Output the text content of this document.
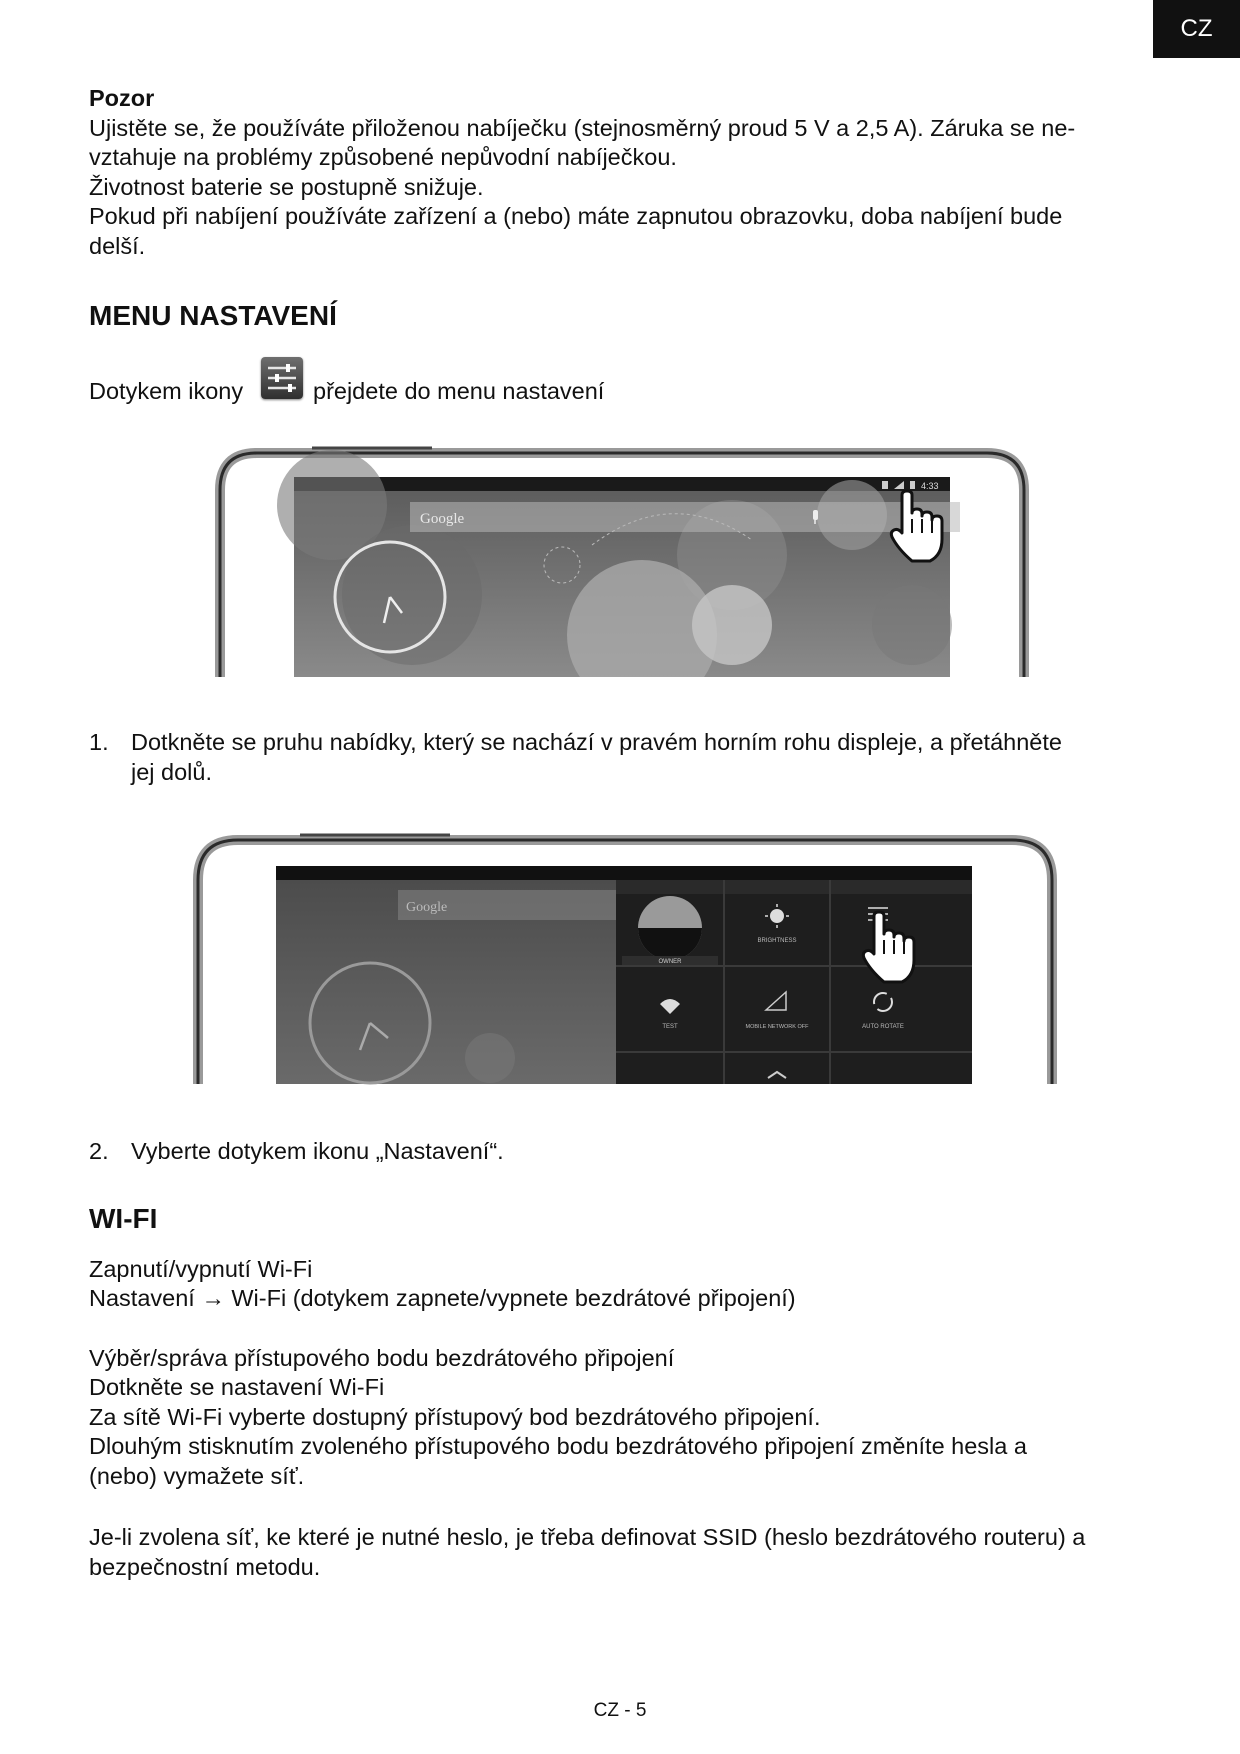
CZ

Pozor

Ujistěte se, že používáte přiloženou nabíječku (stejnosměrný proud 5 V a 2,5 A). Záruka se ne-

vztahuje na problémy způsobené nepůvodní nabíječkou.

Životnost baterie se postupně snižuje.

Pokud při nabíjení používáte zařízení a (nebo) máte zapnutou obrazovku, doba nabíjení bude

delší.

MENU NASTAVENÍ

Dotykem ikony	přejdete do menu nastavení

Google
4:33
1. Dotkněte se pruhu nabídky, který se nachází v pravém horním rohu displeje, a přetáhněte

jej dolů.

Google
OWNER
BRIGHTNESS
TEST	MOBILE NETWORK OFF	AUTO ROTATE
2. Vyberte dotykem ikonu „Nastavení“.

WI-FI

Zapnutí/vypnutí Wi-Fi

Nastavení → Wi-Fi (dotykem zapnete/vypnete bezdrátové připojení)

Výběr/správa přístupového bodu bezdrátového připojení

Dotkněte se nastavení Wi-Fi

Za sítě Wi-Fi vyberte dostupný přístupový bod bezdrátového připojení.

Dlouhým stisknutím zvoleného přístupového bodu bezdrátového připojení změníte hesla a

(nebo) vymažete síť.

Je-li zvolena síť, ke které je nutné heslo, je třeba definovat SSID (heslo bezdrátového routeru) a

bezpečnostní metodu.

CZ - 5
